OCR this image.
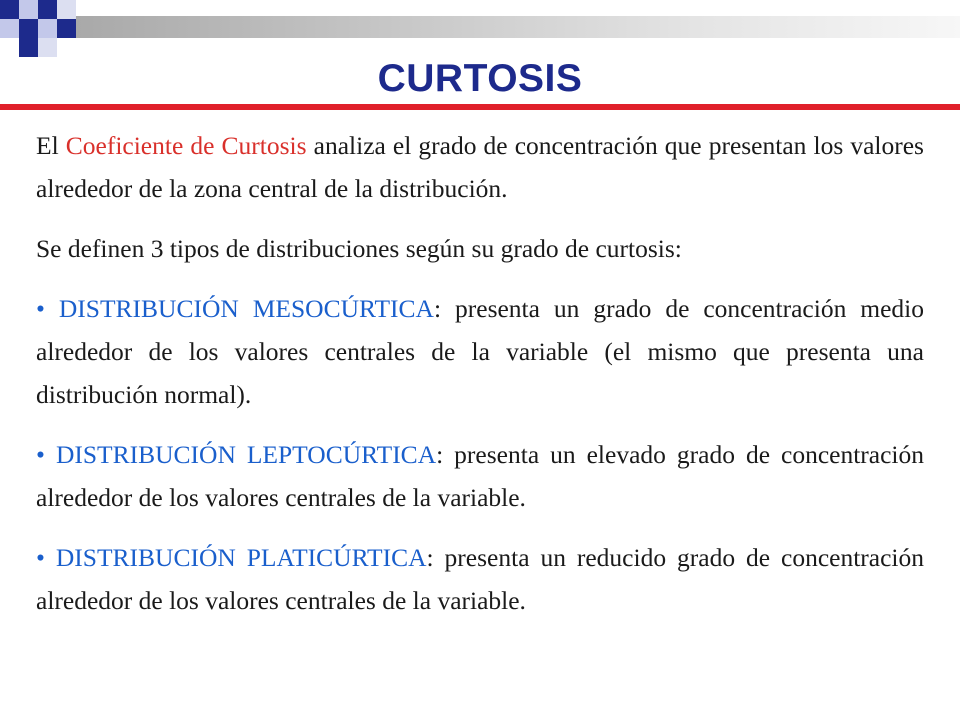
CURTOSIS

El Coeficiente de Curtosis analiza el grado de concentración que presentan los valores alrededor de la zona central de la distribución.

Se definen 3 tipos de distribuciones según su grado de curtosis:

• DISTRIBUCIÓN MESOCÚRTICA: presenta un grado de concentración medio alrededor de los valores centrales de la variable (el mismo que presenta una distribución normal).

• DISTRIBUCIÓN LEPTOCÚRTICA: presenta un elevado grado de concentración alrededor de los valores centrales de la variable.

• DISTRIBUCIÓN PLATICÚRTICA: presenta un reducido grado de concentración alrededor de los valores centrales de la variable.
